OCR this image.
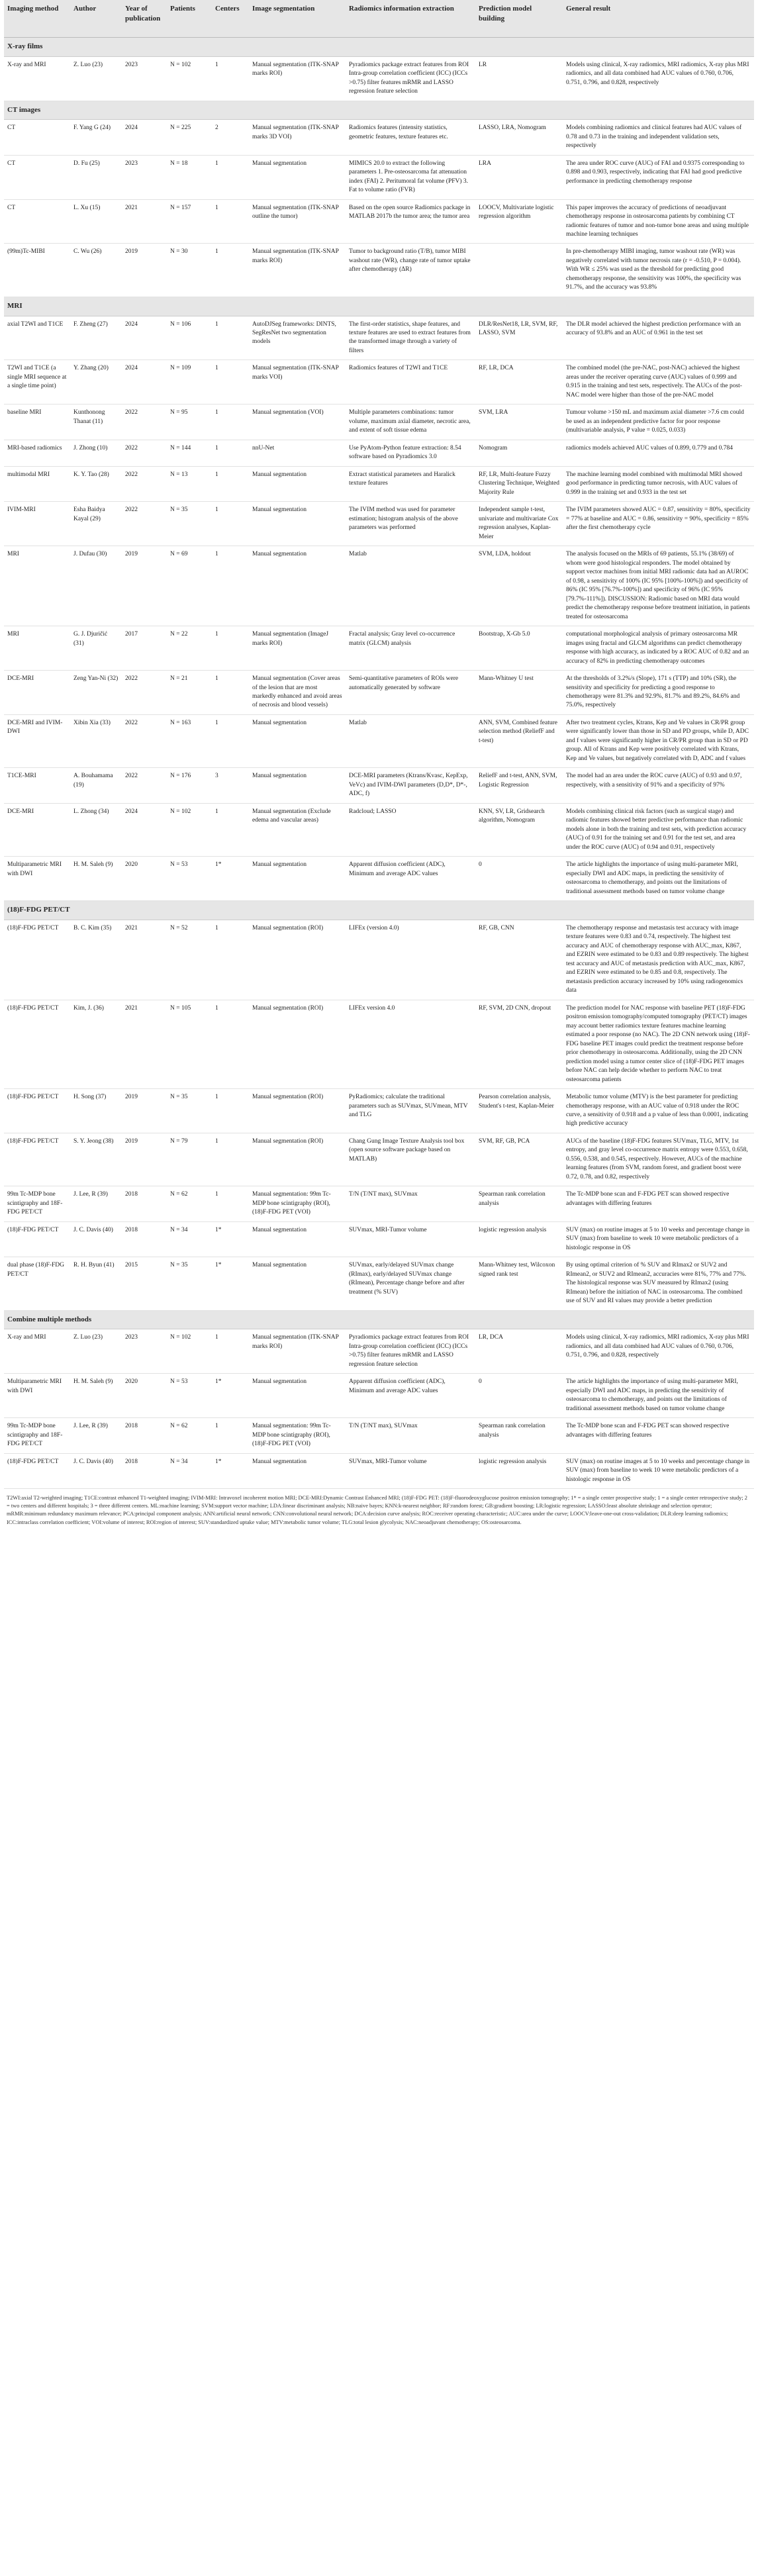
Imaging method	Author	Year of publication	Patients	Centers	Image segmentation	Radiomics information extraction	Prediction model building	General result
X-ray films								
X-ray and MRI	Z. Luo (23)	2023	N = 102	1	Manual segmentation (ITK-SNAP marks ROI)	Pyradiomics package extract features from ROI Intra-group correlation coefficient (ICC) (ICCs >0.75) filter features mRMR and LASSO regression feature selection	LR	Models using clinical, X-ray radiomics, MRI radiomics, X-ray plus MRI radiomics, and all data combined had AUC values of 0.760, 0.706, 0.751, 0.796, and 0.828, respectively
CT images								
CT	F. Yang G (24)	2024	N = 225	2	Manual segmentation (ITK-SNAP marks 3D VOI)	Radiomics features (intensity statistics, geometric features, texture features etc.	LASSO, LRA, Nomogram	Models combining radiomics and clinical features had AUC values of 0.78 and 0.73 in the training and independent validation sets, respectively
CT	D. Fu (25)	2023	N = 18	1	Manual segmentation	MIMICS 20.0 to extract the following parameters 1. Pre-osteosarcoma fat attenuation index (FAI) 2. Peritumoral fat volume (PFV) 3. Fat to volume ratio (FVR)	LRA	The area under ROC curve (AUC) of FAI and 0.9375 corresponding to 0.898 and 0.903, respectively, indicating that FAI had good predictive performance in predicting chemotherapy response
CT	L. Xu (15)	2021	N = 157	1	Manual segmentation (ITK-SNAP outline the tumor)	Based on the open source Radiomics package in MATLAB 2017b the tumor area; the tumor area	LOOCV, Multivariate logistic regression algorithm	This paper improves the accuracy of predictions of neoadjuvant chemotherapy response in osteosarcoma patients by combining CT radiomic features of tumor and non-tumor bone areas and using multiple machine learning techniques
(99m)Tc-MIBI	C. Wu (26)	2019	N = 30	1	Manual segmentation (ITK-SNAP marks ROI)	Tumor to background ratio (T/B), tumor MIBI washout rate (WR), change rate of tumor uptake after chemotherapy (ΔR)		In pre-chemotherapy MIBI imaging, tumor washout rate (WR) was negatively correlated with tumor necrosis rate (r = -0.510, P = 0.004). With WR ≤ 25% was used as the threshold for predicting good chemotherapy response, the sensitivity was 100%, the specificity was 91.7%, and the accuracy was 93.8%
MRI								
axial T2WI and T1CE	F. Zheng (27)	2024	N = 106	1	AutoDJSeg frameworks: DINTS, SegResNet two segmentation models	The first-order statistics, shape features, and texture features are used to extract features from the transformed image through a variety of filters	DLR/ResNet18, LR, SVM, RF, LASSO, SVM	The DLR model achieved the highest prediction performance with an accuracy of 93.8% and an AUC of 0.961 in the test set
T2WI and T1CE (a single MRI sequence at a single time point)	Y. Zhang (20)	2024	N = 109	1	Manual segmentation (ITK-SNAP marks VOI)	Radiomics features of T2WI and T1CE	RF, LR, DCA	The combined model (the pre-NAC, post-NAC) achieved the highest areas under the receiver operating curve (AUC) values of 0.999 and 0.915 in the training and test sets, respectively. The AUCs of the post-NAC model were higher than those of the pre-NAC model
baseline MRI	Kunthonong Thanat (11)	2022	N = 95	1	Manual segmentation (VOI)	Multiple parameters combinations: tumor volume, maximum axial diameter, necrotic area, and extent of soft tissue edema	SVM, LRA	Tumour volume >150 mL and maximum axial diameter >7.6 cm could be used as an independent predictive factor for poor response (multivariable analysis, P value = 0.025, 0.033)
MRI-based radiomics	J. Zhong (10)	2022	N = 144	1	nnU-Net	Use PyAtom-Python feature extraction: 8.54 software based on Pyradiomics 3.0	Nomogram	radiomics models achieved AUC values of 0.899, 0.779 and 0.784
multimodal MRI	K. Y. Tao (28)	2022	N = 13	1	Manual segmentation	Extract statistical parameters and Haralick texture features	RF, LR, Multi-feature Fuzzy Clustering Technique, Weighted Majority Rule	The machine learning model combined with multimodal MRI showed good performance in predicting tumor necrosis, with AUC values of 0.999 in the training set and 0.933 in the test set
IVIM-MRI	Esha Baidya Kayal (29)	2022	N = 35	1	Manual segmentation	The IVIM method was used for parameter estimation; histogram analysis of the above parameters was performed	Independent sample t-test, univariate and multivariate Cox regression analyses, Kaplan-Meier	The IVIM parameters showed AUC = 0.87, sensitivity = 80%, specificity = 77% at baseline and AUC = 0.86, sensitivity = 90%, specificity = 85% after the first chemotherapy cycle
MRI	J. Dufau (30)	2019	N = 69	1	Manual segmentation	Matlab	SVM, LDA, holdout	The analysis focused on the MRIs of 69 patients, 55.1% (38/69) of whom were good histological responders. The model obtained by support vector machines from initial MRI radiomic data had an AUROC of 0.98, a sensitivity of 100% (IC 95% [100%-100%]) and specificity of 86% (IC 95% [76.7%-100%]) and specificity of 96% (IC 95% [79.7%-111%]). DISCUSSION: Radiomic based on MRI data would predict the chemotherapy response before treatment initiation, in patients treated for osteosarcoma
MRI	G. J. Djuričić (31)	2017	N = 22	1	Manual segmentation (ImageJ marks ROI)	Fractal analysis; Gray level co-occurrence matrix (GLCM) analysis	Bootstrap, X-Gb 5.0	computational morphological analysis of primary osteosarcoma MR images using fractal and GLCM algorithms can predict chemotherapy response with high accuracy, as indicated by a ROC AUC of 0.82 and an accuracy of 82% in predicting chemotherapy outcomes
DCE-MRI	Zeng Yan-Ni (32)	2022	N = 21	1	Manual segmentation (Cover areas of the lesion that are most markedly enhanced and avoid areas of necrosis and blood vessels)	Semi-quantitative parameters of ROIs were automatically generated by software	Mann-Whitney U test	At the thresholds of 3.2%/s (Slope), 171 s (TTP) and 10% (SR), the sensitivity and specificity for predicting a good response to chemotherapy were 81.3% and 92.9%, 81.7% and 89.2%, 84.6% and 75.0%, respectively
DCE-MRI and IVIM-DWI	Xibin Xia (33)	2022	N = 163	1	Manual segmentation	Matlab	ANN, SVM, Combined feature selection method (ReliefF and t-test)	After two treatment cycles, Ktrans, Kep and Ve values in CR/PR group were significantly lower than those in SD and PD groups, while D, ADC and f values were significantly higher in CR/PR group than in SD or PD group. All of Ktrans and Kep were positively correlated with Ktrans, Kep and Ve values, but negatively correlated with D, ADC and f values
T1CE-MRI	A. Bouhamama (19)	2022	N = 176	3	Manual segmentation	DCE-MRI parameters (Ktrans/Kvasc, KepExp, VeVc) and IVIM-DWI parameters (D,D*, D*-, ADC, f)	ReliefF and t-test, ANN, SVM, Logistic Regression	The model had an area under the ROC curve (AUC) of 0.93 and 0.97, respectively, with a sensitivity of 91% and a specificity of 97%
DCE-MRI	L. Zhong (34)	2024	N = 102	1	Manual segmentation (Exclude edema and vascular areas)	Radcloud; LASSO	KNN, SV, LR, Gridsearch algorithm, Nomogram	Models combining clinical risk factors (such as surgical stage) and radiomic features showed better predictive performance than radiomic models alone in both the training and test sets, with prediction accuracy (AUC) of 0.91 for the training set and 0.91 for the test set, and area under the ROC curve (AUC) of 0.94 and 0.91, respectively
Multiparametric MRI with DWI	H. M. Saleh (9)	2020	N = 53	1*	Manual segmentation	Apparent diffusion coefficient (ADC), Minimum and average ADC values	0	The article highlights the importance of using multi-parameter MRI, especially DWI and ADC maps, in predicting the sensitivity of osteosarcoma to chemotherapy, and points out the limitations of traditional assessment methods based on tumor volume change
(18)F-FDG PET/CT								
(18)F-FDG PET/CT	B. C. Kim (35)	2021	N = 52	1	Manual segmentation (ROI)	LIFEx (version 4.0)	RF, GB, CNN	The chemotherapy response and metastasis test accuracy with image texture features were 0.83 and 0.74, respectively. The highest test accuracy and AUC of chemotherapy response with AUC_max, K867, and EZRIN were estimated to be 0.83 and 0.89 respectively. The highest test accuracy and AUC of metastasis prediction with AUC_max, K867, and EZRIN were estimated to be 0.85 and 0.8, respectively. The metastasis prediction accuracy increased by 10% using radiogenomics data
(18)F-FDG PET/CT	Kim, J. (36)	2021	N = 105	1	Manual segmentation (ROI)	LIFEx version 4.0	RF, SVM, 2D CNN, dropout	The prediction model for NAC response with baseline PET (18)F-FDG positron emission tomography/computed tomography (PET/CT) images may account better radiomics texture features machine learning estimated a poor response (no NAC). The 2D CNN network using (18)F-FDG baseline PET images could predict the treatment response before prior chemotherapy in osteosarcoma. Additionally, using the 2D CNN prediction model using a tumor center slice of (18)F-FDG PET images before NAC can help decide whether to perform NAC to treat osteosarcoma patients
(18)F-FDG PET/CT	H. Song (37)	2019	N = 35	1	Manual segmentation (ROI)	PyRadiomics; calculate the traditional parameters such as SUVmax, SUVmean, MTV and TLG	Pearson correlation analysis, Student's t-test, Kaplan-Meier	Metabolic tumor volume (MTV) is the best parameter for predicting chemotherapy response, with an AUC value of 0.918 under the ROC curve, a sensitivity of 0.918 and a p value of less than 0.0001, indicating high predictive accuracy
(18)F-FDG PET/CT	S. Y. Jeong (38)	2019	N = 79	1	Manual segmentation (ROI)	Chang Gung Image Texture Analysis tool box (open source software package based on MATLAB)	SVM, RF, GB, PCA	AUCs of the baseline (18)F-FDG features SUVmax, TLG, MTV, 1st entropy, and gray level co-occurrence matrix entropy were 0.553, 0.658, 0.556, 0.538, and 0.545, respectively. However, AUCs of the machine learning features (from SVM, random forest, and gradient boost were 0.72, 0.78, and 0.82, respectively
99m Tc-MDP bone scintigraphy and 18F-FDG PET/CT	J. Lee, R (39)	2018	N = 62	1	Manual segmentation: 99m Tc-MDP bone scintigraphy (ROI), (18)F-FDG PET (VOI)	T/N (T/NT max), SUVmax	Spearman rank correlation analysis	The Tc-MDP bone scan and F-FDG PET scan showed respective advantages with differing features
(18)F-FDG PET/CT	J. C. Davis (40)	2018	N = 34	1*	Manual segmentation	SUVmax, MRI-Tumor volume	logistic regression analysis	SUV (max) on routine images at 5 to 10 weeks and percentage change in SUV (max) from baseline to week 10 were metabolic predictors of a histologic response in OS
dual phase (18)F-FDG PET/CT	R. H. Byun (41)	2015	N = 35	1*	Manual segmentation	SUVmax, early/delayed SUVmax change (RImax), early/delayed SUVmax change (RImean), Percentage change before and after treatment (% SUV)	Mann-Whitney test, Wilcoxon signed rank test	By using optimal criterion of % SUV and RImax2 or SUV2 and RImean2, or SUV2 and RImean2, accuracies were 81%, 77% and 77%. The histological response was SUV measured by RImax2 (using RImean) before the initiation of NAC in osteosarcoma. The combined use of SUV and RI values may provide a better prediction
Combine multiple methods								
X-ray and MRI	Z. Luo (23)	2023	N = 102	1	Manual segmentation (ITK-SNAP marks ROI)	Pyradiomics package extract features from ROI Intra-group correlation coefficient (ICC) (ICCs >0.75) filter features mRMR and LASSO regression feature selection	LR, DCA	Models using clinical, X-ray radiomics, MRI radiomics, X-ray plus MRI radiomics, and all data combined had AUC values of 0.760, 0.706, 0.751, 0.796, and 0.828, respectively
Multiparametric MRI with DWI	H. M. Saleh (9)	2020	N = 53	1*	Manual segmentation	Apparent diffusion coefficient (ADC), Minimum and average ADC values	0	The article highlights the importance of using multi-parameter MRI, especially DWI and ADC maps, in predicting the sensitivity of osteosarcoma to chemotherapy, and points out the limitations of traditional assessment methods based on tumor volume change
99m Tc-MDP bone scintigraphy and 18F-FDG PET/CT	J. Lee, R (39)	2018	N = 62	1	Manual segmentation: 99m Tc-MDP bone scintigraphy (ROI), (18)F-FDG PET (VOI)	T/N (T/NT max), SUVmax	Spearman rank correlation analysis	The Tc-MDP bone scan and F-FDG PET scan showed respective advantages with differing features
(18)F-FDG PET/CT	J. C. Davis (40)	2018	N = 34	1*	Manual segmentation	SUVmax, MRI-Tumor volume	logistic regression analysis	SUV (max) on routine images at 5 to 10 weeks and percentage change in SUV (max) from baseline to week 10 were metabolic predictors of a histologic response in OS
T2WI:axial T2-weighted imaging; T1CE:contrast enhanced T1-weighted imaging; IVIM-MRI: Intravoxel incoherent motion MRI; DCE-MRI:Dynamic Contrast Enhanced MRI; (18)F-FDG PET: (18)F-fluorodeoxyglucose positron emission tomography; 1* = a single center prospective study; 1 = a single center retrospective study; 2 = two centers and different hospitals; 3 = three different centers. ML:machine learning; SVM:support vector machine; LDA:linear discriminant analysis; NB:naive bayes; KNN:k-nearest neighbor; RF:random forest; GB:gradient boosting; LR:logistic regression; LASSO:least absolute shrinkage and selection operator; mRMR:minimum redundancy maximum relevance; PCA:principal component analysis; ANN:artificial neural network; CNN:convolutional neural network; DCA:decision curve analysis; ROC:receiver operating characteristic; AUC:area under the curve; LOOCV:leave-one-out cross-validation; DLR:deep learning radiomics; ICC:intraclass correlation coefficient; VOI:volume of interest; ROI:region of interest; SUV:standardized uptake value; MTV:metabolic tumor volume; TLG:total lesion glycolysis; NAC:neoadjuvant chemotherapy; OS:osteosarcoma.
